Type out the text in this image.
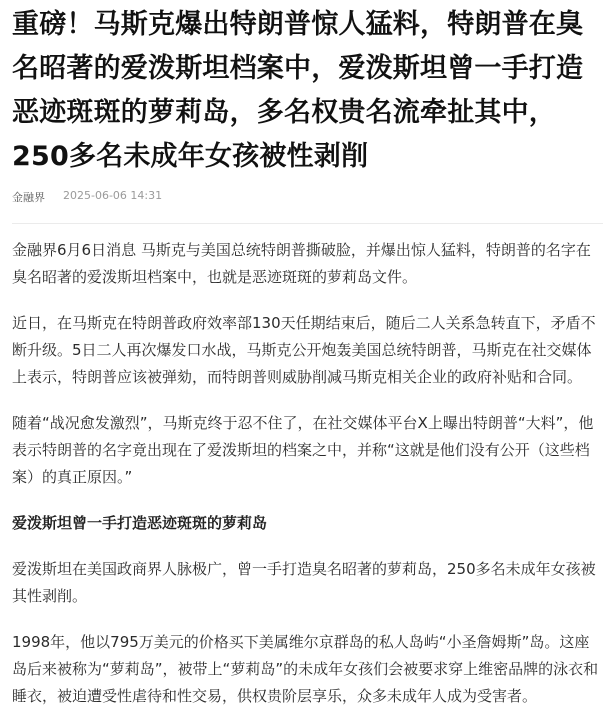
重磅！马斯克爆出特朗普惊人猛料，特朗普在臭名昭著的爱泼斯坦档案中，爱泼斯坦曾一手打造恶迹斑斑的萝莉岛，多名权贵名流牵扯其中，250多名未成年女孩被性剥削
金融界 2025-06-06 14:31

金融界6月6日消息 马斯克与美国总统特朗普撕破脸，并爆出惊人猛料，特朗普的名字在臭名昭著的爱泼斯坦档案中，也就是恶迹斑斑的萝莉岛文件。

近日，在马斯克在特朗普政府效率部130天任期结束后，随后二人关系急转直下，矛盾不断升级。5日二人再次爆发口水战，马斯克公开炮轰美国总统特朗普，马斯克在社交媒体上表示，特朗普应该被弹劾，而特朗普则威胁削减马斯克相关企业的政府补贴和合同。

随着“战况愈发激烈”，马斯克终于忍不住了，在社交媒体平台X上曝出特朗普“大料”，他表示特朗普的名字竟出现在了爱泼斯坦的档案之中，并称“这就是他们没有公开（这些档案）的真正原因。”

爱泼斯坦曾一手打造恶迹斑斑的萝莉岛

爱泼斯坦在美国政商界人脉极广，曾一手打造臭名昭著的萝莉岛，250多名未成年女孩被其性剥削。

1998年，他以795万美元的价格买下美属维尔京群岛的私人岛屿“小圣詹姆斯”岛。这座岛后来被称为“萝莉岛”，被带上“萝莉岛”的未成年女孩们会被要求穿上维密品牌的泳衣和睡衣，被迫遭受性虐待和性交易，供权贵阶层享乐，众多未成年人成为受害者。
